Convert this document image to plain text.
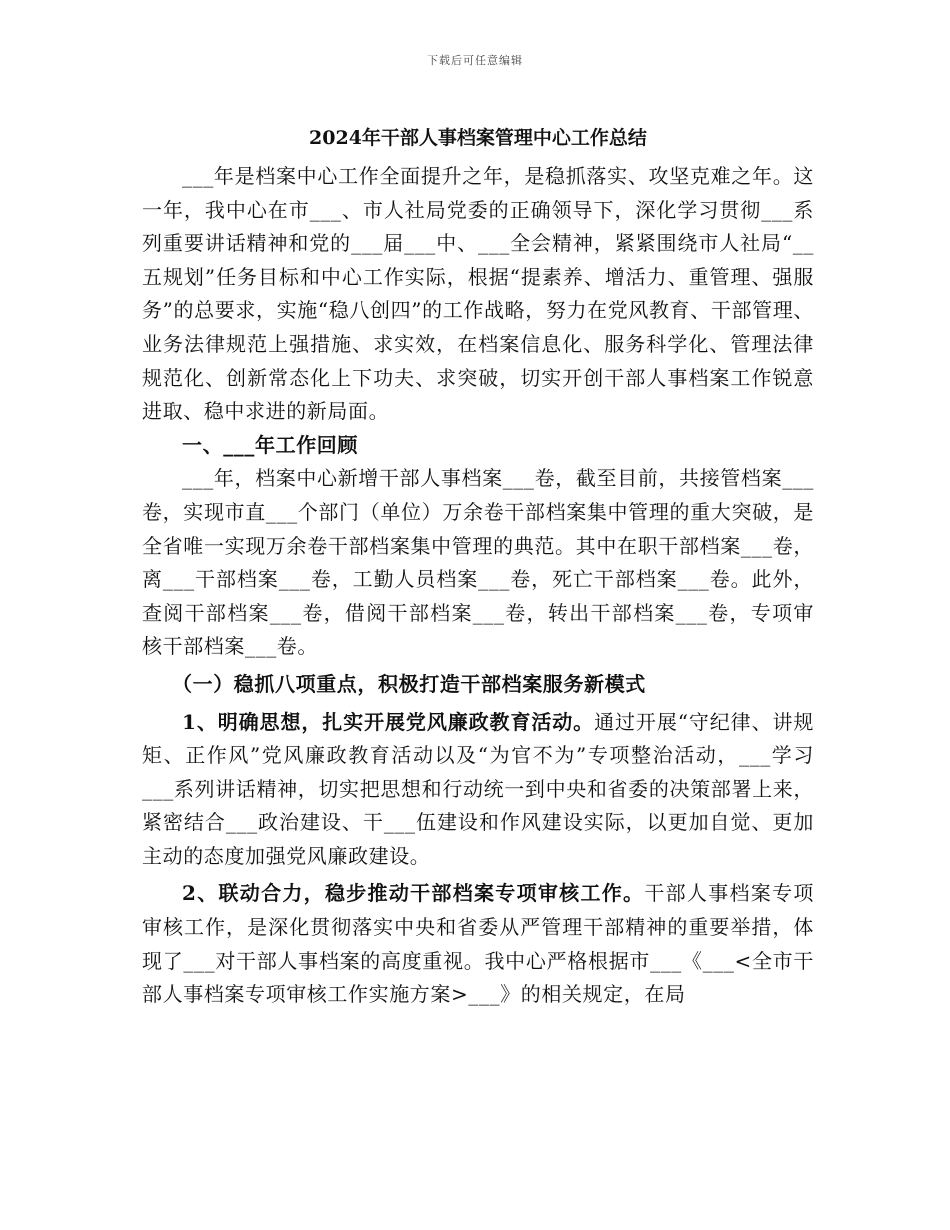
下载后可任意编辑
2024年干部人事档案管理中心工作总结

___年是档案中心工作全面提升之年，是稳抓落实、攻坚克难之年。这一年，我中心在市___、市人社局党委的正确领导下，深化学习贯彻___系列重要讲话精神和党的___届___中、___全会精神，紧紧围绕市人社局“__五规划”任务目标和中心工作实际，根据“提素养、增活力、重管理、强服务”的总要求，实施“稳八创四”的工作战略，努力在党风教育、干部管理、业务法律规范上强措施、求实效，在档案信息化、服务科学化、管理法律规范化、创新常态化上下功夫、求突破，切实开创干部人事档案工作锐意进取、稳中求进的新局面。

一、___年工作回顾

___年，档案中心新增干部人事档案___卷，截至目前，共接管档案___卷，实现市直___个部门（单位）万余卷干部档案集中管理的重大突破，是全省唯一实现万余卷干部档案集中管理的典范。其中在职干部档案___卷，离___干部档案___卷，工勤人员档案___卷，死亡干部档案___卷。此外，查阅干部档案___卷，借阅干部档案___卷，转出干部档案___卷，专项审核干部档案___卷。

（一）稳抓八项重点，积极打造干部档案服务新模式

1、明确思想，扎实开展党风廉政教育活动。通过开展“守纪律、讲规矩、正作风”党风廉政教育活动以及“为官不为”专项整治活动，___学习___系列讲话精神，切实把思想和行动统一到中央和省委的决策部署上来，紧密结合___政治建设、干___伍建设和作风建设实际，以更加自觉、更加主动的态度加强党风廉政建设。

2、联动合力，稳步推动干部档案专项审核工作。干部人事档案专项审核工作，是深化贯彻落实中央和省委从严管理干部精神的重要举措，体现了___对干部人事档案的高度重视。我中心严格根据市___《___<全市干部人事档案专项审核工作实施方案>___》的相关规定，在局
